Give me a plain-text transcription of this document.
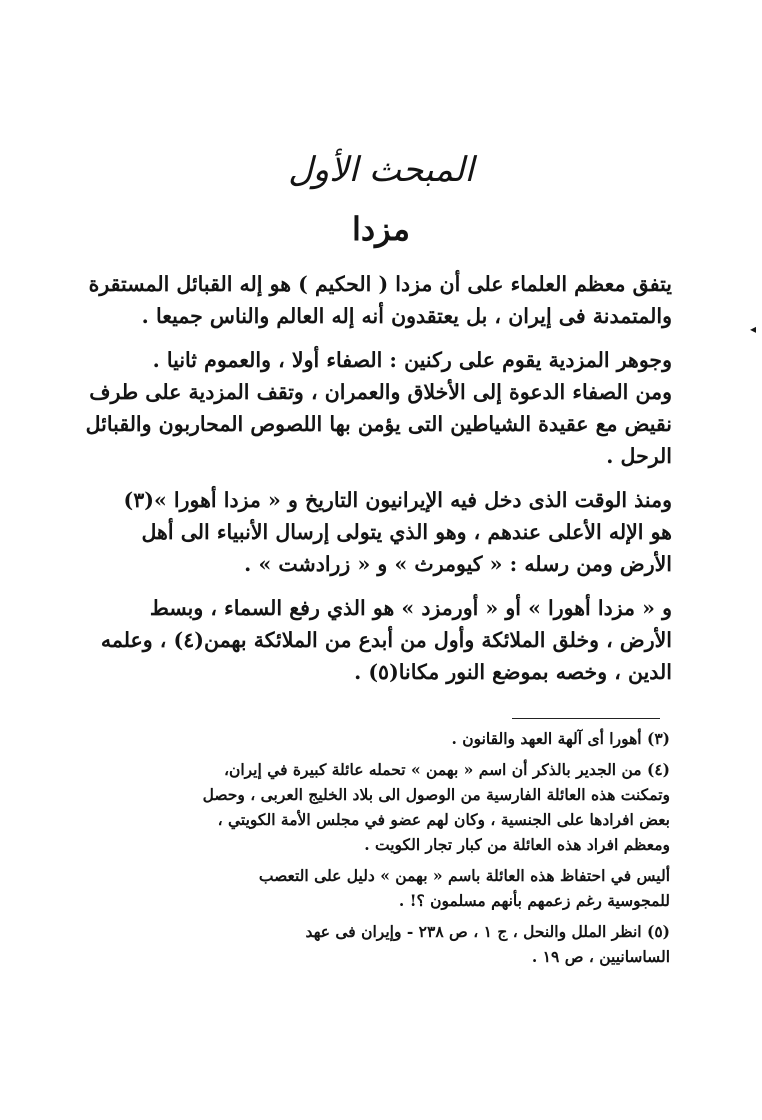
المبحث الأول
مزدا
◂

يتفق معظم العلماء على أن مزدا ( الحكيم ) هو إله القبائل المستقرة
والمتمدنة فى إيران ، بل يعتقدون أنه إله العالم والناس جميعا .

وجوهر المزدية يقوم على ركنين : الصفاء أولا ، والعموم ثانيا .
ومن الصفاء الدعوة إلى الأخلاق والعمران ، وتقف المزدية على طرف
نقيض مع عقيدة الشياطين التى يؤمن بها اللصوص المحاربون والقبائل
الرحل .

ومنذ الوقت الذى دخل فيه الإيرانيون التاريخ و « مزدا أهورا »(٣)
هو الإله الأعلى عندهم ، وهو الذي يتولى إرسال الأنبياء الى أهل
الأرض ومن رسله : « كيومرث » و « زرادشت » .

و « مزدا أهورا » أو « أورمزد » هو الذي رفع السماء ، وبسط
الأرض ، وخلق الملائكة وأول من أبدع من الملائكة بهمن(٤) ، وعلمه
الدين ، وخصه بموضع النور مكانا(٥) .

(٣) أهورا أى آلهة العهد والقانون .

(٤) من الجدير بالذكر أن اسم « بهمن » تحمله عائلة كبيرة في إيران،
وتمكنت هذه العائلة الفارسية من الوصول الى بلاد الخليج العربى ، وحصل
بعض افرادها على الجنسية ، وكان لهم عضو في مجلس الأمة الكويتي ،
ومعظم افراد هذه العائلة من كبار تجار الكويت .

أليس في احتفاظ هذه العائلة باسم « بهمن » دليل على التعصب
للمجوسية رغم زعمهم بأنهم مسلمون ؟! .

(٥) انظر الملل والنحل ، ج ١ ، ص ٢٣٨ - وإيران فى عهد
الساسانيين ، ص ١٩ .
